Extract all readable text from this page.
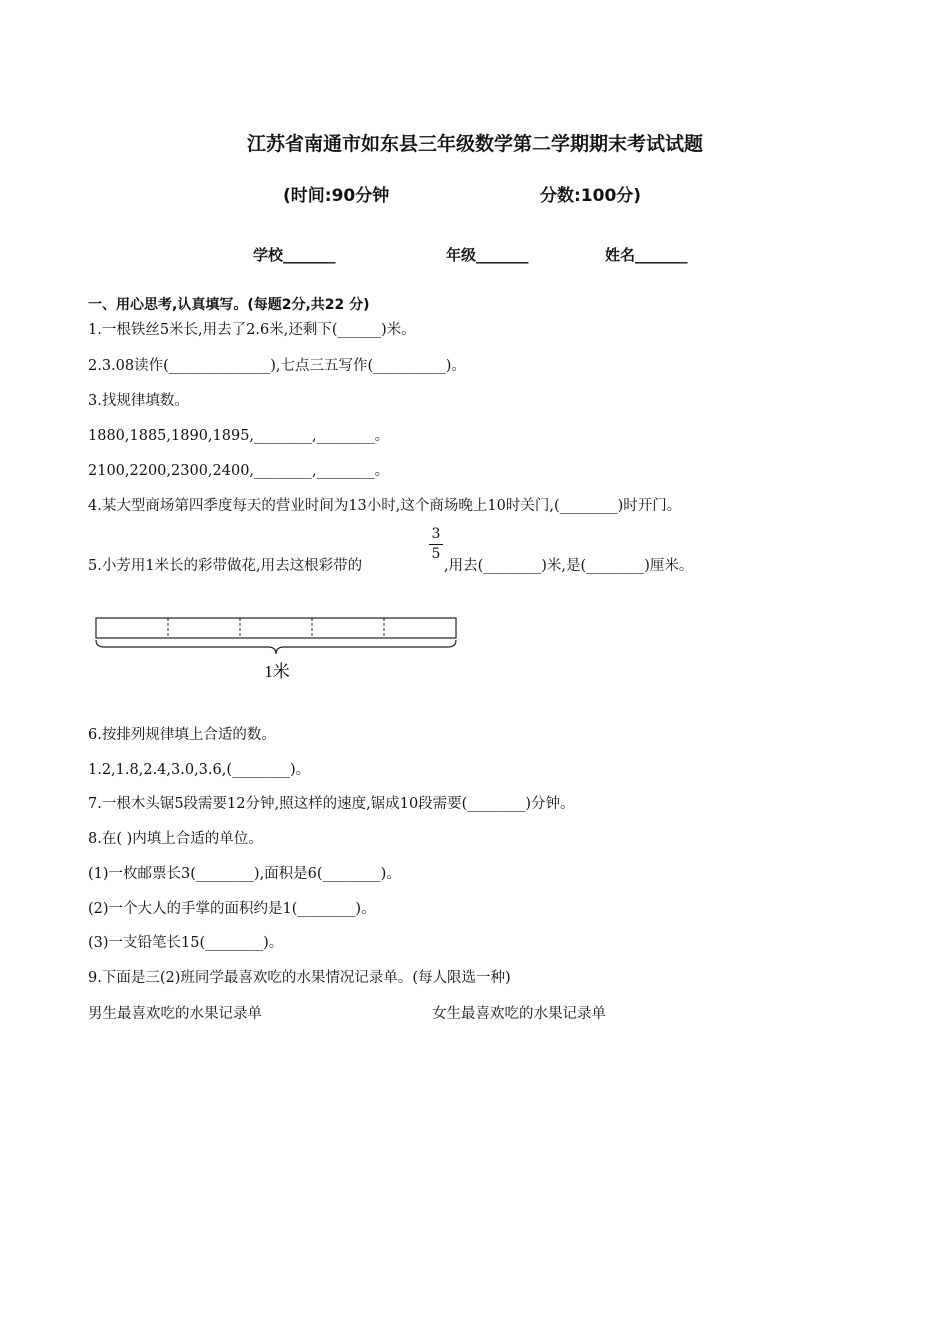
江苏省南通市如东县三年级数学第二学期期末考试试题
(时间:90分钟	分数:100分)
学校_______	年级_______	姓名_______
一、用心思考,认真填写。(每题2分,共22 分)
1.一根铁丝5米长,用去了2.6米,还剩下(______)米。
2.3.08读作(______________),七点三五写作(__________)。
3.找规律填数。
1880,1885,1890,1895,________,________。
2100,2200,2300,2400,________,________。
4.某大型商场第四季度每天的营业时间为13小时,这个商场晚上10时关门,(________)时开门。
5.小芳用1米长的彩带做花,用去这根彩带的
3
5
,用去(________)米,是(________)厘米。
1米
6.按排列规律填上合适的数。
1.2,1.8,2.4,3.0,3.6,(________)。
7.一根木头锯5段需要12分钟,照这样的速度,锯成10段需要(________)分钟。
8.在( )内填上合适的单位。
(1)一枚邮票长3(________),面积是6(________)。
(2)一个大人的手掌的面积约是1(________)。
(3)一支铅笔长15(________)。
9.下面是三(2)班同学最喜欢吃的水果情况记录单。(每人限选一种)
男生最喜欢吃的水果记录单	女生最喜欢吃的水果记录单
